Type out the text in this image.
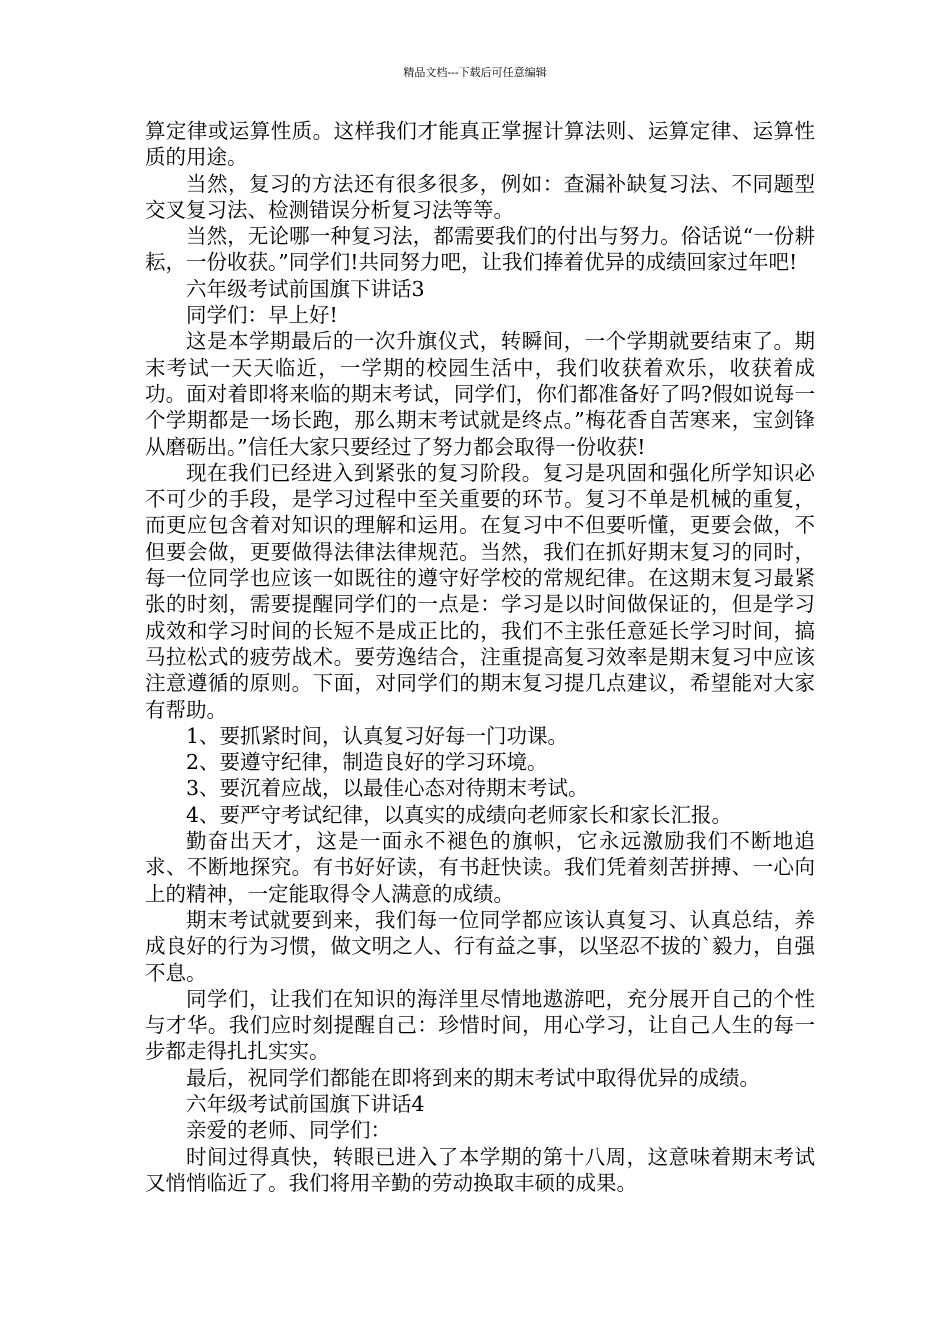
精品文档---下载后可任意编辑

算定律或运算性质。这样我们才能真正掌握计算法则、运算定律、运算性质的用途。

当然，复习的方法还有很多很多，例如：查漏补缺复习法、不同题型交叉复习法、检测错误分析复习法等等。

当然，无论哪一种复习法，都需要我们的付出与努力。俗话说“一份耕耘，一份收获。”同学们!共同努力吧，让我们捧着优异的成绩回家过年吧!

六年级考试前国旗下讲话3

同学们：早上好!

这是本学期最后的一次升旗仪式，转瞬间，一个学期就要结束了。期末考试一天天临近，一学期的校园生活中，我们收获着欢乐，收获着成功。面对着即将来临的期末考试，同学们，你们都准备好了吗?假如说每一个学期都是一场长跑，那么期末考试就是终点。”梅花香自苦寒来，宝剑锋从磨砺出。”信任大家只要经过了努力都会取得一份收获!

现在我们已经进入到紧张的复习阶段。复习是巩固和强化所学知识必不可少的手段，是学习过程中至关重要的环节。复习不单是机械的重复，而更应包含着对知识的理解和运用。在复习中不但要听懂，更要会做，不但要会做，更要做得法律法律规范。当然，我们在抓好期末复习的同时，每一位同学也应该一如既往的遵守好学校的常规纪律。在这期末复习最紧张的时刻，需要提醒同学们的一点是：学习是以时间做保证的，但是学习成效和学习时间的长短不是成正比的，我们不主张任意延长学习时间，搞马拉松式的疲劳战术。要劳逸结合，注重提高复习效率是期末复习中应该注意遵循的原则。下面，对同学们的期末复习提几点建议，希望能对大家有帮助。

1、要抓紧时间，认真复习好每一门功课。

2、要遵守纪律，制造良好的学习环境。

3、要沉着应战，以最佳心态对待期末考试。

4、要严守考试纪律，以真实的成绩向老师家长和家长汇报。

勤奋出天才，这是一面永不褪色的旗帜，它永远激励我们不断地追求、不断地探究。有书好好读，有书赶快读。我们凭着刻苦拼搏、一心向上的精神，一定能取得令人满意的成绩。

期末考试就要到来，我们每一位同学都应该认真复习、认真总结，养成良好的行为习惯，做文明之人、行有益之事，以坚忍不拔的`毅力，自强不息。

同学们，让我们在知识的海洋里尽情地遨游吧，充分展开自己的个性与才华。我们应时刻提醒自己：珍惜时间，用心学习，让自己人生的每一步都走得扎扎实实。

最后，祝同学们都能在即将到来的期末考试中取得优异的成绩。

六年级考试前国旗下讲话4

亲爱的老师、同学们：

时间过得真快，转眼已进入了本学期的第十八周，这意味着期末考试又悄悄临近了。我们将用辛勤的劳动换取丰硕的成果。
